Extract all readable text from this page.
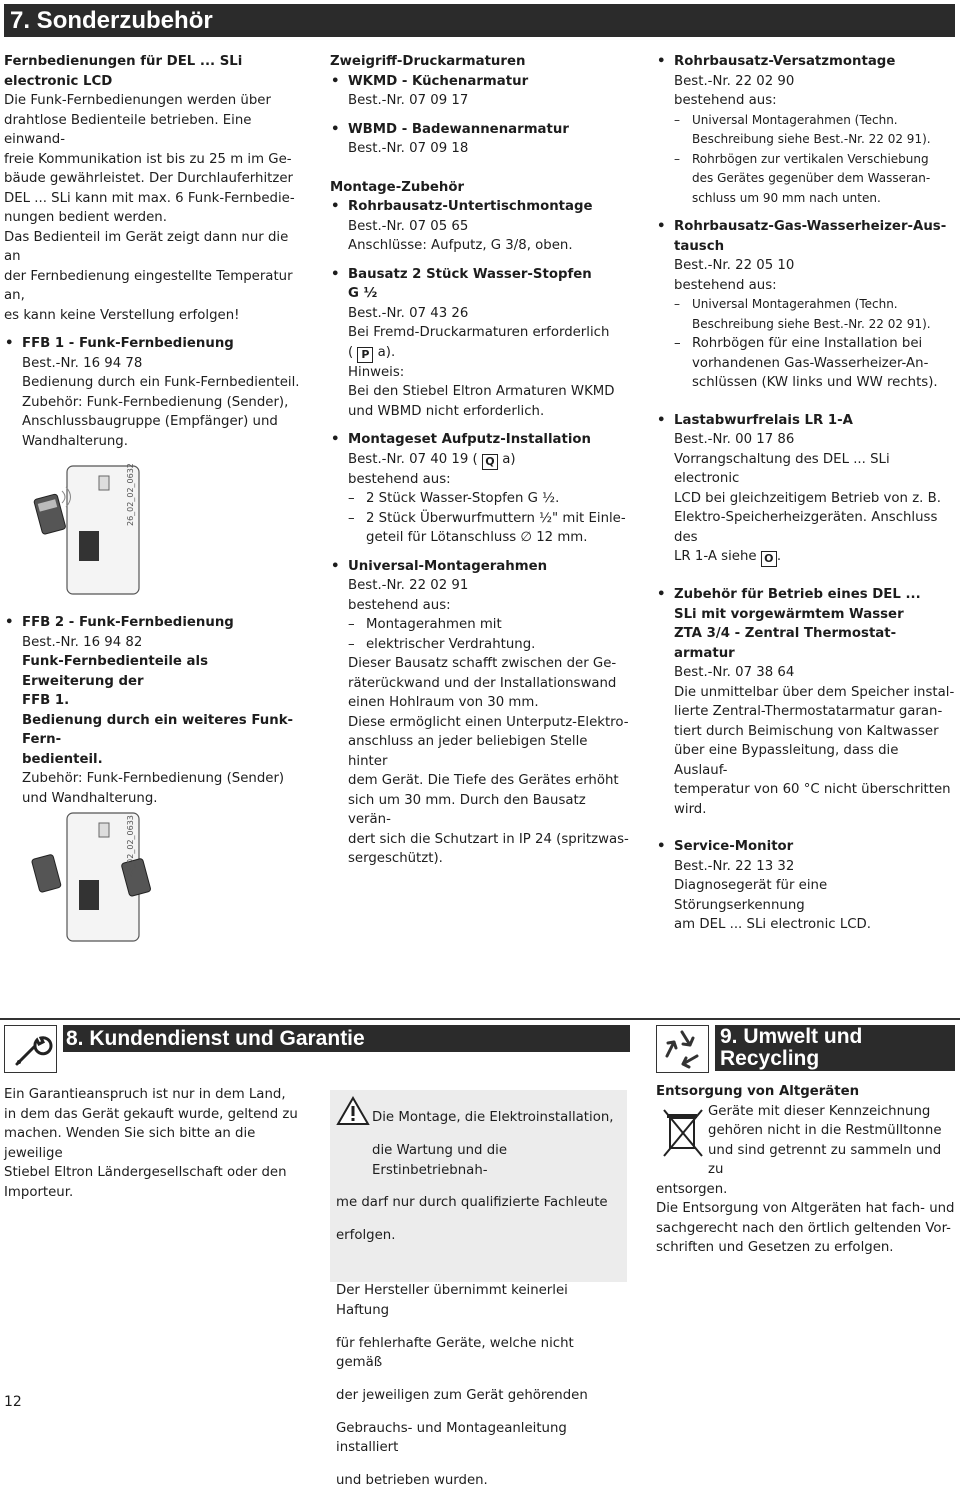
7. Sonderzubehör

Fernbedienungen für DEL ... SLi electronic LCD

Die Funk-Fernbedienungen werden über

drahtlose Bedienteile betrieben. Eine einwand-

freie Kommunikation ist bis zu 25 m im Ge-

bäude gewährleistet. Der Durchlauferhitzer

DEL ... SLi kann mit max. 6 Funk-Fernbedie-

nungen bedient werden.

Das Bedienteil im Gerät zeigt dann nur die an

der Fernbedienung eingestellte Temperatur an,

es kann keine Verstellung erfolgen!

• FFB 1 - Funk-Fernbedienung

Best.-Nr. 16 94 78

Bedienung durch ein Funk-Fernbedienteil.

Zubehör: Funk-Fernbedienung (Sender),

Anschlussbaugruppe (Empfänger) und

Wandhalterung.

26_02_02_0632

• FFB 2 - Funk-Fernbedienung

Best.-Nr. 16 94 82

Funk-Fernbedienteile als Erweiterung der

FFB 1.

Bedienung durch ein weiteres Funk-Fern-

bedienteil.

Zubehör: Funk-Fernbedienung (Sender)

und Wandhalterung.

26_02_02_0633

Zweigriff-Druckarmaturen

• WKMD - Küchenarmatur

Best.-Nr. 07 09 17

• WBMD - Badewannenarmatur

Best.-Nr. 07 09 18

Montage-Zubehör

• Rohrbausatz-Untertischmontage

Best.-Nr. 07 05 65

Anschlüsse: Aufputz, G 3/8, oben.

• Bausatz 2 Stück Wasser-Stopfen

G ½

Best.-Nr. 07 43 26

Bei Fremd-Druckarmaturen erforderlich

( P a).

Hinweis:

Bei den Stiebel Eltron Armaturen WKMD

und WBMD nicht erforderlich.

• Montageset Aufputz-Installation

Best.-Nr. 07 40 19 ( Q a)

bestehend aus:

– 2 Stück Wasser-Stopfen G ½.

– 2 Stück Überwurfmuttern ½" mit Einle-

geteil für Lötanschluss ∅ 12 mm.

• Universal-Montagerahmen

Best.-Nr. 22 02 91

bestehend aus:

– Montagerahmen mit

– elektrischer Verdrahtung.

Dieser Bausatz schafft zwischen der Ge-

räterückwand und der Installationswand

einen Hohlraum von 30 mm.

Diese ermöglicht einen Unterputz-Elektro-

anschluss an jeder beliebigen Stelle hinter

dem Gerät. Die Tiefe des Gerätes erhöht

sich um 30 mm. Durch den Bausatz verän-

dert sich die Schutzart in IP 24 (spritzwas-

sergeschützt).

• Rohrbausatz-Versatzmontage

Best.-Nr. 22 02 90

bestehend aus:

– Universal Montagerahmen (Techn.

Beschreibung siehe Best.-Nr. 22 02 91).

– Rohrbögen zur vertikalen Verschiebung

des Gerätes gegenüber dem Wasseran-

schluss um 90 mm nach unten.

• Rohrbausatz-Gas-Wasserheizer-Aus-

tausch

Best.-Nr. 22 05 10

bestehend aus:

– Universal Montagerahmen (Techn.

Beschreibung siehe Best.-Nr. 22 02 91).

– Rohrbögen für eine Installation bei

vorhandenen Gas-Wasserheizer-An-

schlüssen (KW links und WW rechts).

• Lastabwurfrelais LR 1-A

Best.-Nr. 00 17 86

Vorrangschaltung des DEL ... SLi electronic

LCD bei gleichzeitigem Betrieb von z. B.

Elektro-Speicherheizgeräten. Anschluss des

LR 1-A siehe O .

• Zubehör für Betrieb eines DEL ...

SLi mit vorgewärmtem Wasser

ZTA 3/4 - Zentral Thermostat-

armatur

Best.-Nr. 07 38 64

Die unmittelbar über dem Speicher instal-

lierte Zentral-Thermostatarmatur garan-

tiert durch Beimischung von Kaltwasser

über eine Bypassleitung, dass die Auslauf-

temperatur von 60 °C nicht überschritten

wird.

• Service-Monitor

Best.-Nr. 22 13 32

Diagnosegerät für eine Störungserkennung

am DEL ... SLi electronic LCD.

8. Kundendienst und Garantie

Ein Garantieanspruch ist nur in dem Land,

in dem das Gerät gekauft wurde, geltend zu

machen. Wenden Sie sich bitte an die jeweilige

Stiebel Eltron Ländergesellschaft oder den

Importeur.

Die Montage, die Elektroinstallation,

die Wartung und die Erstinbetriebnah-

me darf nur durch qualifizierte Fachleute

erfolgen.

Der Hersteller übernimmt keinerlei Haftung

für fehlerhafte Geräte, welche nicht gemäß

der jeweiligen zum Gerät gehörenden

Gebrauchs- und Montageanleitung installiert

und betrieben wurden.

9. Umwelt und
Recycling

Entsorgung von Altgeräten

Geräte mit dieser Kennzeichnung

gehören nicht in die Restmülltonne

und sind getrennt zu sammeln und zu

entsorgen.

Die Entsorgung von Altgeräten hat fach- und

sachgerecht nach den örtlich geltenden Vor-

schriften und Gesetzen zu erfolgen.

12
